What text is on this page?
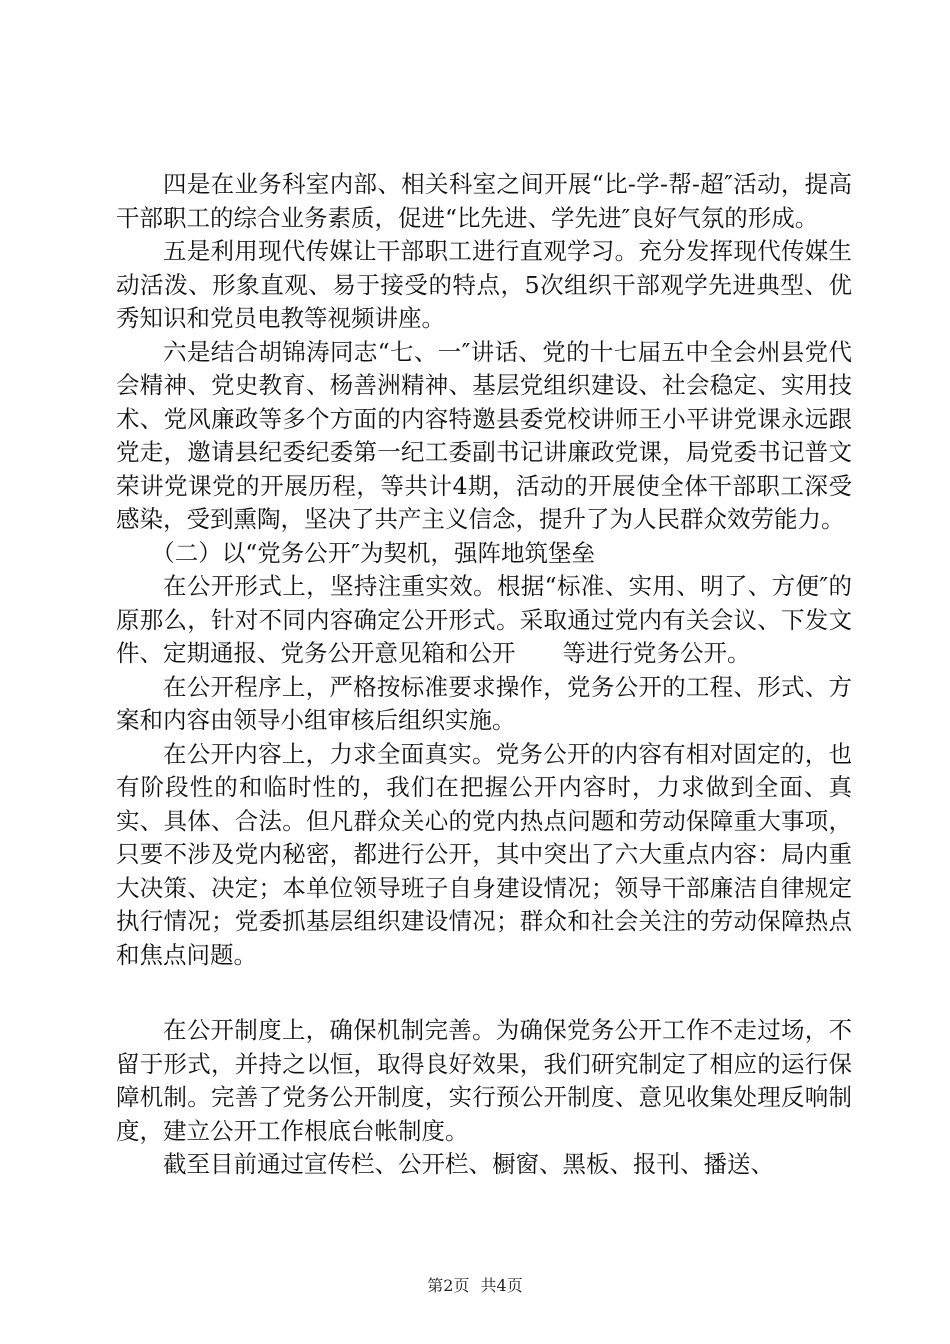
四是在业务科室内部、相关科室之间开展“比-学-帮-超″活动，提高干部职工的综合业务素质，促进“比先进、学先进″良好气氛的形成。

五是利用现代传媒让干部职工进行直观学习。充分发挥现代传媒生动活泼、形象直观、易于接受的特点，5次组织干部观学先进典型、优秀知识和党员电教等视频讲座。

六是结合胡锦涛同志“七、一″讲话、党的十七届五中全会州县党代会精神、党史教育、杨善洲精神、基层党组织建设、社会稳定、实用技术、党风廉政等多个方面的内容特邀县委党校讲师王小平讲党课永远跟党走，邀请县纪委纪委第一纪工委副书记讲廉政党课，局党委书记普文荣讲党课党的开展历程，等共计4期，活动的开展使全体干部职工深受感染，受到熏陶，坚决了共产主义信念，提升了为人民群众效劳能力。

（二）以“党务公开″为契机，强阵地筑堡垒

在公开形式上，坚持注重实效。根据“标准、实用、明了、方便″的原那么，针对不同内容确定公开形式。采取通过党内有关会议、下发文件、定期通报、党务公开意见箱和公开　　等进行党务公开。

在公开程序上，严格按标准要求操作，党务公开的工程、形式、方案和内容由领导小组审核后组织实施。

在公开内容上，力求全面真实。党务公开的内容有相对固定的，也有阶段性的和临时性的，我们在把握公开内容时，力求做到全面、真实、具体、合法。但凡群众关心的党内热点问题和劳动保障重大事项，只要不涉及党内秘密，都进行公开，其中突出了六大重点内容：局内重大决策、决定；本单位领导班子自身建设情况；领导干部廉洁自律规定执行情况；党委抓基层组织建设情况；群众和社会关注的劳动保障热点和焦点问题。

在公开制度上，确保机制完善。为确保党务公开工作不走过场，不留于形式，并持之以恒，取得良好效果，我们研究制定了相应的运行保障机制。完善了党务公开制度，实行预公开制度、意见收集处理反响制度，建立公开工作根底台帐制度。

截至目前通过宣传栏、公开栏、橱窗、黑板、报刊、播送、

第2页 共4页
